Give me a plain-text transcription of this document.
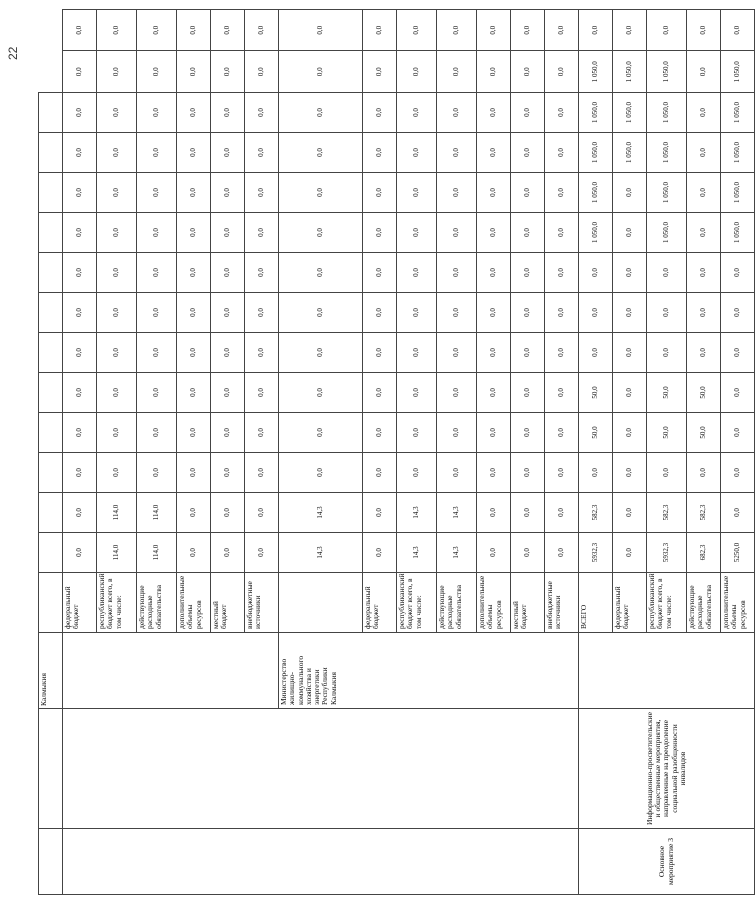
22
		Калмыкия															
			федеральный бюджет	0,0	0,0	0,0	0,0	0,0	0,0	0,0	0,0	0,0	0,0	0,0	0,0	0,0	0,0
			республиканский бюджет всего, в том числе:	114,0	114,0	0,0	0,0	0,0	0,0	0,0	0,0	0,0	0,0	0,0	0,0	0,0	0,0
			действующие расходные обязательства	114,0	114,0	0,0	0,0	0,0	0,0	0,0	0,0	0,0	0,0	0,0	0,0	0,0	0,0
			дополнительные объемы ресурсов	0,0	0,0	0,0	0,0	0,0	0,0	0,0	0,0	0,0	0,0	0,0	0,0	0,0	0,0
			местный бюджет	0,0	0,0	0,0	0,0	0,0	0,0	0,0	0,0	0,0	0,0	0,0	0,0	0,0	0,0
			внебюджетные источники	0,0	0,0	0,0	0,0	0,0	0,0	0,0	0,0	0,0	0,0	0,0	0,0	0,0	0,0
		Министерство жилищно-коммунального хозяйства и энергетики Республики Калмыкия		14,3	14,3	0,0	0,0	0,0	0,0	0,0	0,0	0,0	0,0	0,0	0,0	0,0	0,0
			федеральный бюджет	0,0	0,0	0,0	0,0	0,0	0,0	0,0	0,0	0,0	0,0	0,0	0,0	0,0	0,0
			республиканский бюджет всего, в том числе:	14,3	14,3	0,0	0,0	0,0	0,0	0,0	0,0	0,0	0,0	0,0	0,0	0,0	0,0
			действующие расходные обязательства	14,3	14,3	0,0	0,0	0,0	0,0	0,0	0,0	0,0	0,0	0,0	0,0	0,0	0,0
			дополнительные объемы ресурсов	0,0	0,0	0,0	0,0	0,0	0,0	0,0	0,0	0,0	0,0	0,0	0,0	0,0	0,0
			местный бюджет	0,0	0,0	0,0	0,0	0,0	0,0	0,0	0,0	0,0	0,0	0,0	0,0	0,0	0,0
			внебюджетные источники	0,0	0,0	0,0	0,0	0,0	0,0	0,0	0,0	0,0	0,0	0,0	0,0	0,0	0,0
Основное мероприятие 3	Информационно-просветительские и общественные мероприятия, направленные на преодоление социальной разобщенности инвалидов		ВСЕГО	5932,3	582,3	0,0	50,0	50,0	0,0	0,0	0,0	1 050,0	1 050,0	1 050,0	1 050,0	1 050,0	0,0
			федеральный бюджет	0,0	0,0	0,0	0,0	0,0	0,0	0,0	0,0	0,0	0,0	1 050,0	1 050,0	1 050,0	0,0
			республиканский бюджет всего, в том числе:	5932,3	582,3	0,0	50,0	50,0	0,0	0,0	0,0	1 050,0	1 050,0	1 050,0	1 050,0	1 050,0	0,0
			действующие расходные обязательства	682,3	582,3	0,0	50,0	50,0	0,0	0,0	0,0	0,0	0,0	0,0	0,0	0,0	0,0
			дополнительные объемы ресурсов	5250,0	0,0	0,0	0,0	0,0	0,0	0,0	0,0	1 050,0	1 050,0	1 050,0	1 050,0	1 050,0	0,0
